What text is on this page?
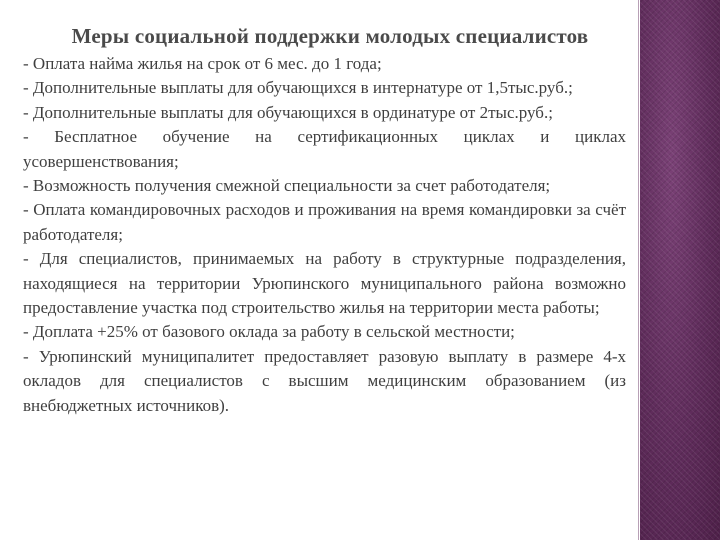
Меры социальной поддержки молодых специалистов

- Оплата найма жилья на срок от 6 мес. до 1 года;

- Дополнительные выплаты для обучающихся в интернатуре от 1,5тыс.руб.;

- Дополнительные выплаты для обучающихся в ординатуре от 2тыс.руб.;

- Бесплатное обучение на сертификационных циклах и циклах усовершенствования;

- Возможность получения смежной специальности за счет работодателя;

- Оплата командировочных расходов и проживания на время командировки за счёт работодателя;

- Для специалистов, принимаемых на работу в структурные подразделения, находящиеся на территории Урюпинского муниципального района возможно предоставление участка под строительство жилья на территории места работы;

- Доплата +25% от базового оклада за работу в сельской местности;

- Урюпинский муниципалитет предоставляет разовую выплату в размере 4-х окладов для специалистов с высшим медицинским образованием (из внебюджетных источников).
